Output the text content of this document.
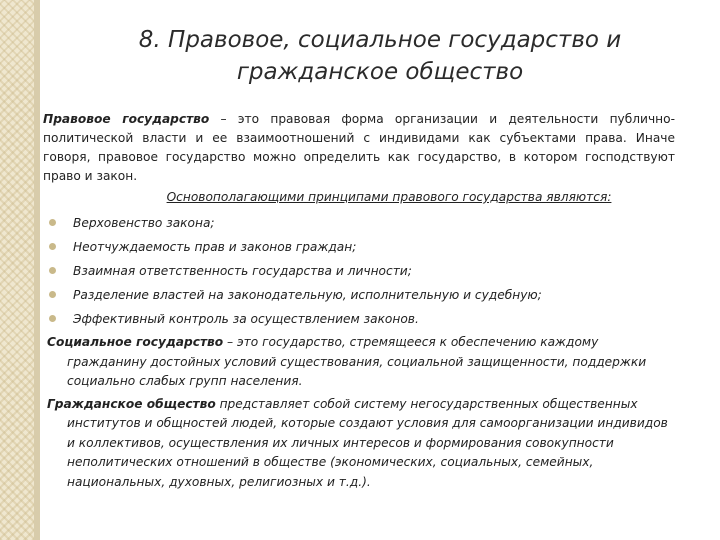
8. Правовое, социальное государство и
гражданское общество

Правовое государство – это правовая форма организации и деятельности публично-политической власти и ее взаимоотношений с индивидами как субъектами права. Иначе говоря, правовое государство можно определить как государство, в котором господствуют право и закон.

Основополагающими принципами правового государства являются:
Верховенство закона;
Неотчуждаемость прав и законов граждан;
Взаимная ответственность государства и личности;
Разделение властей на законодательную, исполнительную и судебную;
Эффективный контроль за осуществлением законов.

Социальное государство – это государство, стремящееся к обеспечению каждому гражданину достойных условий существования, социальной защищенности, поддержки социально слабых групп населения.

Гражданское общество представляет собой систему негосударственных общественных институтов и общностей людей, которые создают условия для самоорганизации индивидов и коллективов, осуществления их личных интересов и формирования совокупности неполитических отношений в обществе (экономических, социальных, семейных, национальных, духовных, религиозных и т.д.).
